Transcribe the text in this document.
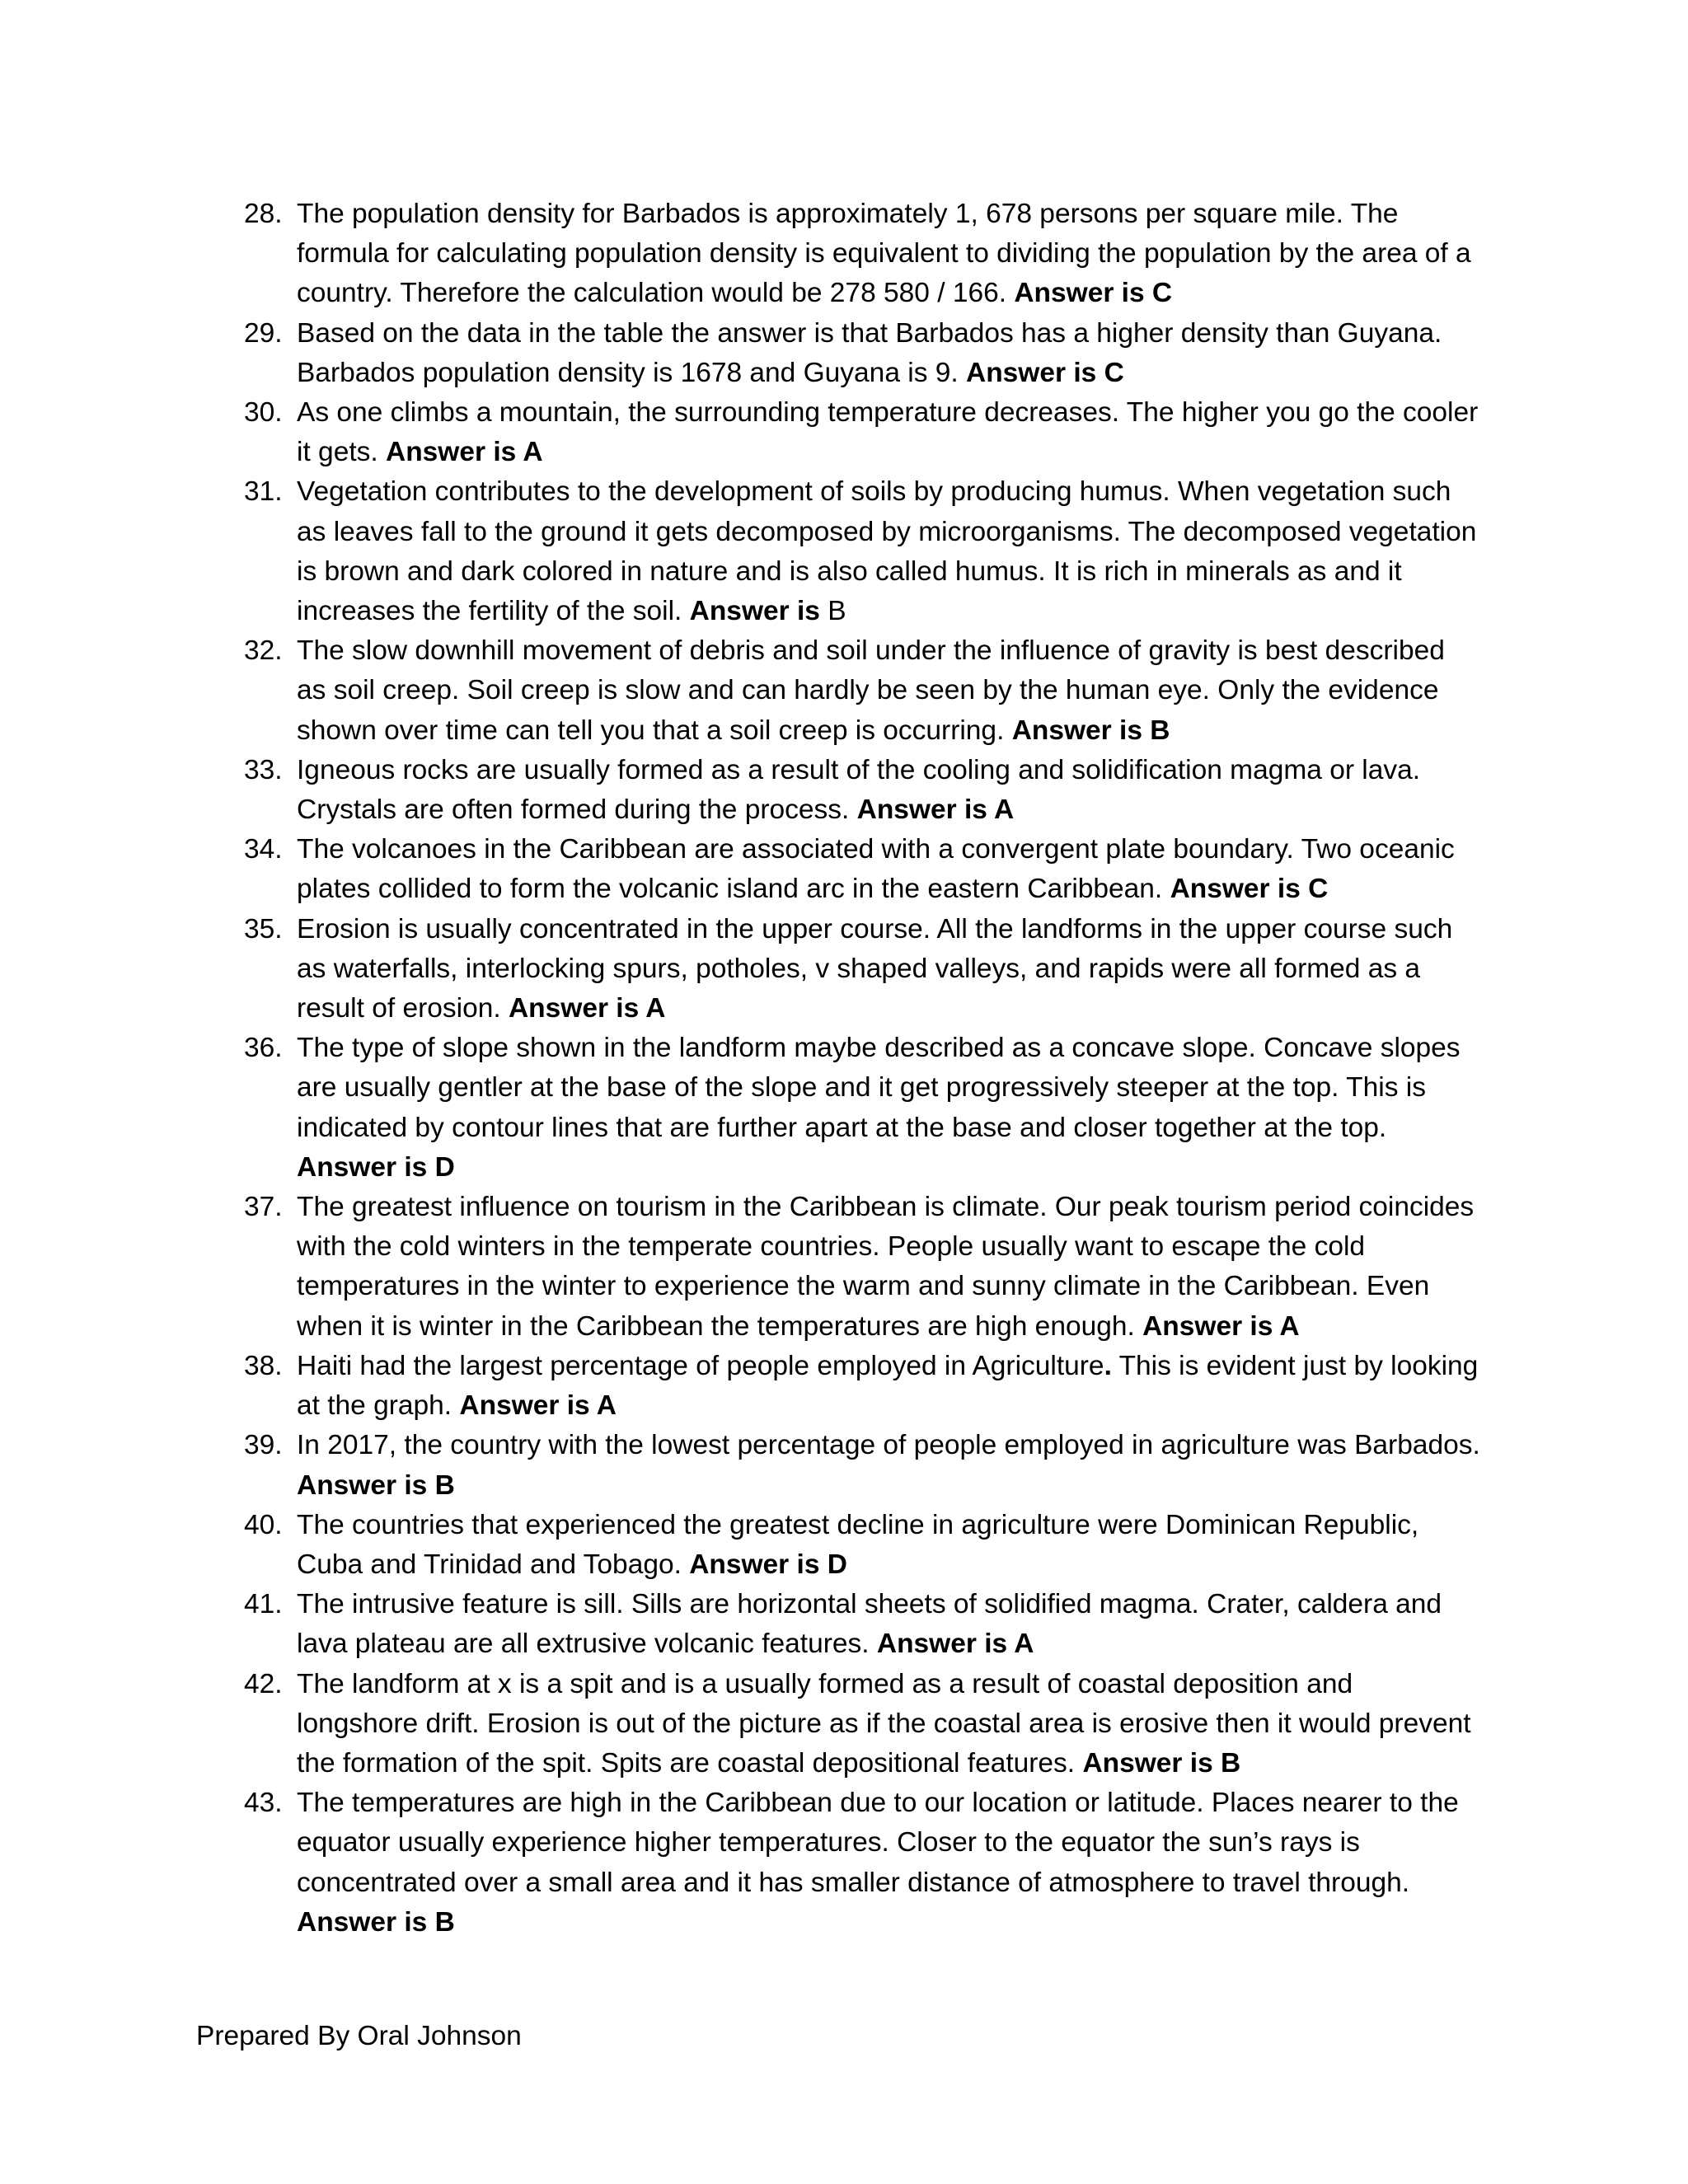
28. The population density for Barbados is approximately 1, 678 persons per square mile. The formula for calculating population density is equivalent to dividing the population by the area of a country. Therefore the calculation would be 278 580 / 166. Answer is C
29. Based on the data in the table the answer is that Barbados has a higher density than Guyana. Barbados population density is 1678 and Guyana is 9. Answer is C
30. As one climbs a mountain, the surrounding temperature decreases. The higher you go the cooler it gets. Answer is A
31. Vegetation contributes to the development of soils by producing humus. When vegetation such as leaves fall to the ground it gets decomposed by microorganisms. The decomposed vegetation is brown and dark colored in nature and is also called humus. It is rich in minerals as and it increases the fertility of the soil. Answer is B
32. The slow downhill movement of debris and soil under the influence of gravity is best described as soil creep. Soil creep is slow and can hardly be seen by the human eye. Only the evidence shown over time can tell you that a soil creep is occurring. Answer is B
33. Igneous rocks are usually formed as a result of the cooling and solidification magma or lava. Crystals are often formed during the process. Answer is A
34. The volcanoes in the Caribbean are associated with a convergent plate boundary. Two oceanic plates collided to form the volcanic island arc in the eastern Caribbean. Answer is C
35. Erosion is usually concentrated in the upper course. All the landforms in the upper course such as waterfalls, interlocking spurs, potholes, v shaped valleys, and rapids were all formed as a result of erosion. Answer is A
36. The type of slope shown in the landform maybe described as a concave slope. Concave slopes are usually gentler at the base of the slope and it get progressively steeper at the top. This is indicated by contour lines that are further apart at the base and closer together at the top. Answer is D
37. The greatest influence on tourism in the Caribbean is climate. Our peak tourism period coincides with the cold winters in the temperate countries. People usually want to escape the cold temperatures in the winter to experience the warm and sunny climate in the Caribbean. Even when it is winter in the Caribbean the temperatures are high enough. Answer is A
38. Haiti had the largest percentage of people employed in Agriculture. This is evident just by looking at the graph. Answer is A
39. In 2017, the country with the lowest percentage of people employed in agriculture was Barbados. Answer is B
40. The countries that experienced the greatest decline in agriculture were Dominican Republic, Cuba and Trinidad and Tobago. Answer is D
41. The intrusive feature is sill. Sills are horizontal sheets of solidified magma. Crater, caldera and lava plateau are all extrusive volcanic features. Answer is A
42. The landform at x is a spit and is a usually formed as a result of coastal deposition and longshore drift. Erosion is out of the picture as if the coastal area is erosive then it would prevent the formation of the spit. Spits are coastal depositional features. Answer is B
43. The temperatures are high in the Caribbean due to our location or latitude. Places nearer to the equator usually experience higher temperatures. Closer to the equator the sun’s rays is concentrated over a small area and it has smaller distance of atmosphere to travel through. Answer is B
Prepared By Oral Johnson
